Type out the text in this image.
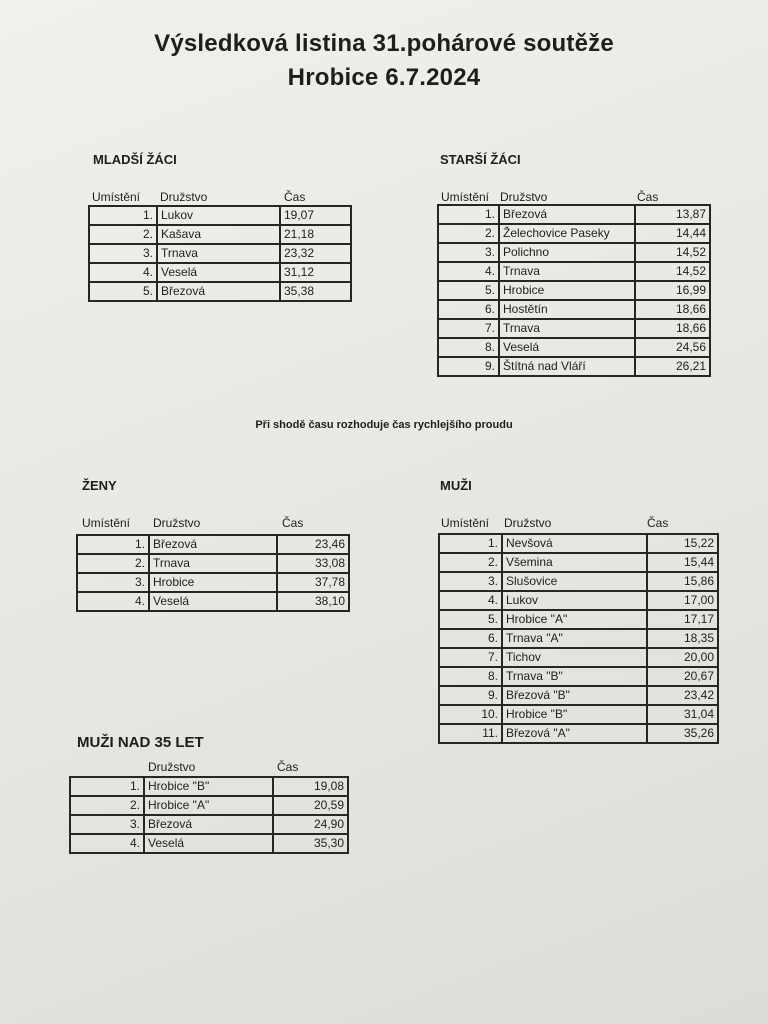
Výsledková listina 31.pohárové soutěže
Hrobice 6.7.2024
MLADŠÍ ŽÁCI
Umístění Družstvo	Čas
1.	Lukov	19,07
2.	Kašava	21,18
3.	Trnava	23,32
4.	Veselá	31,12
5.	Březová	35,38
STARŠÍ ŽÁCI
Umístění Družstvo	Čas
1.	Březová	13,87
2.	Želechovice Paseky	14,44
3.	Polichno	14,52
4.	Trnava	14,52
5.	Hrobice	16,99
6.	Hostětín	18,66
7.	Trnava	18,66
8.	Veselá	24,56
9.	Štítná nad Vláří	26,21
Při shodě času rozhoduje čas rychlejšího proudu
ŽENY
Umístění Družstvo	Čas
1.	Březová	23,46
2.	Trnava	33,08
3.	Hrobice	37,78
4.	Veselá	38,10
MUŽI
Umístění Družstvo	Čas
1.	Nevšová	15,22
2.	Všemina	15,44
3.	Slušovice	15,86
4.	Lukov	17,00
5.	Hrobice "A"	17,17
6.	Trnava "A"	18,35
7.	Tichov	20,00
8.	Trnava "B"	20,67
9.	Březová "B"	23,42
10.	Hrobice "B"	31,04
11.	Březová "A"	35,26
MUŽI NAD 35 LET
Družstvo	Čas
1.	Hrobice "B"	19,08
2.	Hrobice "A"	20,59
3.	Březová	24,90
4.	Veselá	35,30
